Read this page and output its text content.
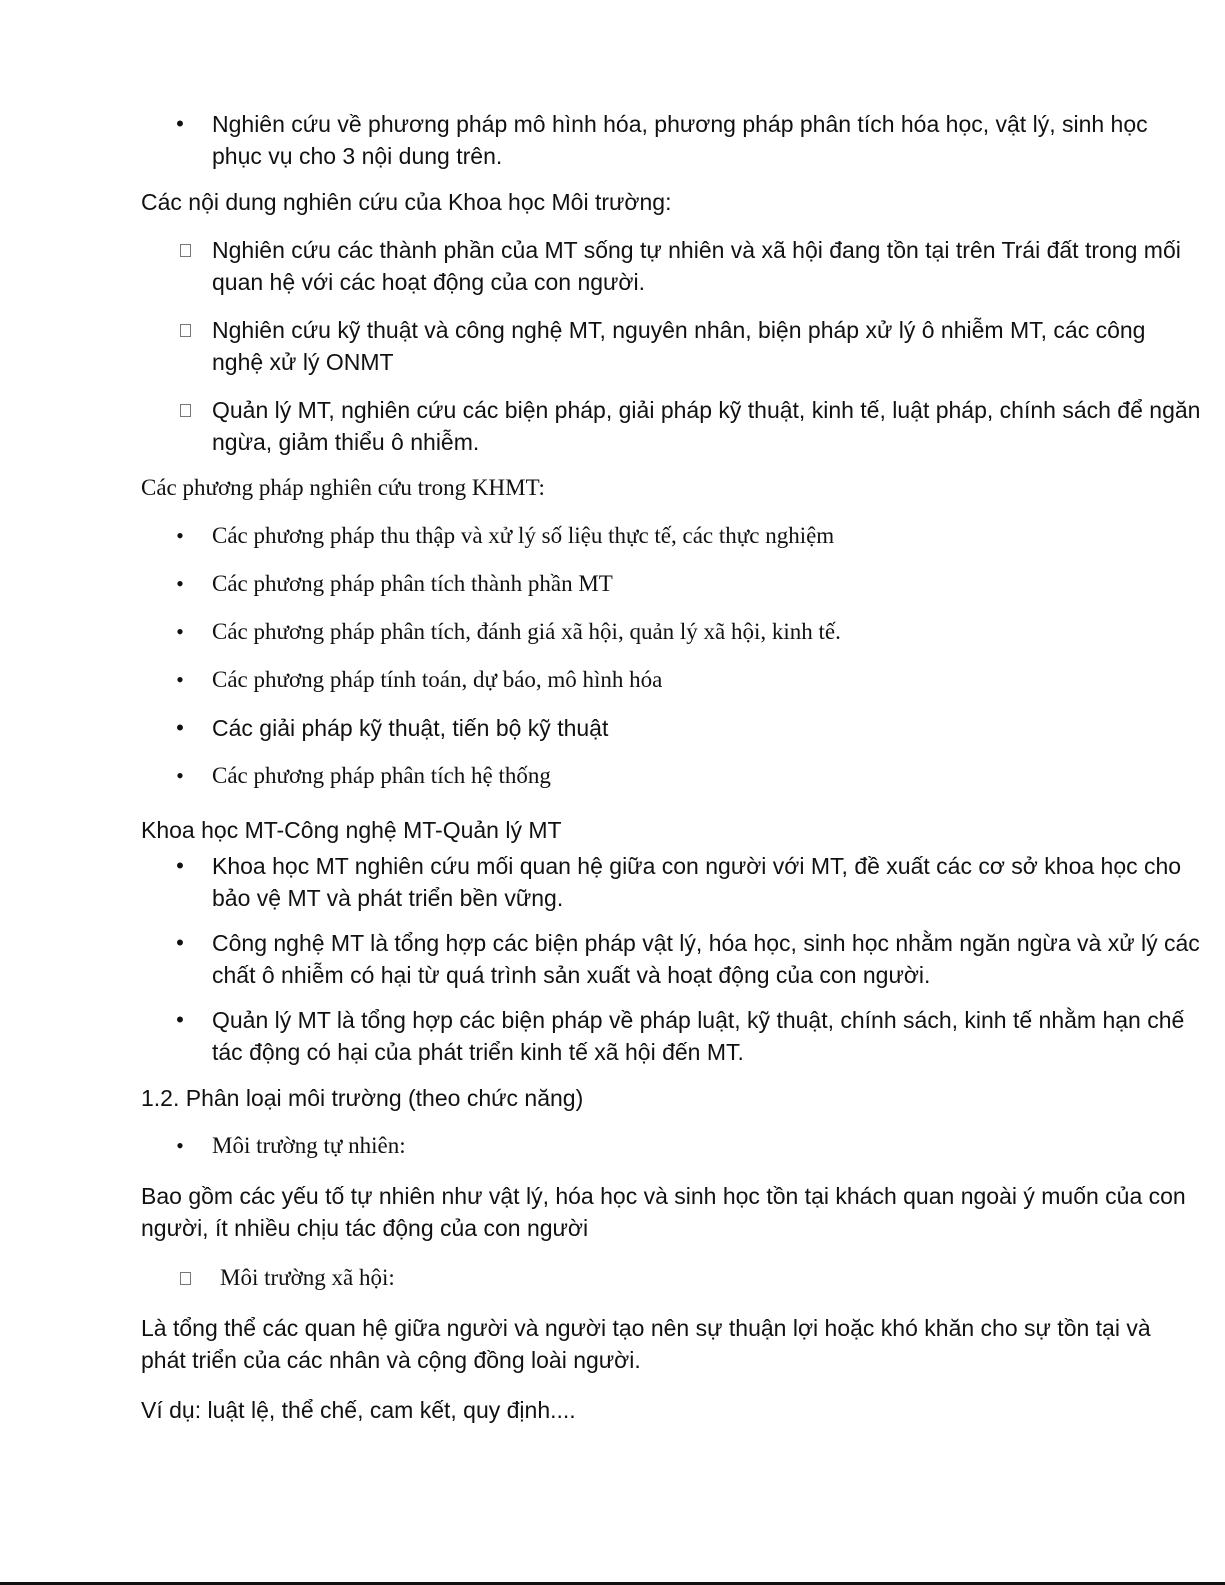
• Nghiên cứu về phương pháp mô hình hóa, phương pháp phân tích hóa học, vật lý, sinh học phục vụ cho 3 nội dung trên.

Các nội dung nghiên cứu của Khoa học Môi trường:

Nghiên cứu các thành phần của MT sống tự nhiên và xã hội đang tồn tại trên Trái đất trong mối quan hệ với các hoạt động của con người.
Nghiên cứu kỹ thuật và công nghệ MT, nguyên nhân, biện pháp xử lý ô nhiễm MT, các công nghệ xử lý ONMT
Quản lý MT, nghiên cứu các biện pháp, giải pháp kỹ thuật, kinh tế, luật pháp, chính sách để ngăn ngừa, giảm thiểu ô nhiễm.

Các phương pháp nghiên cứu trong KHMT:

• Các phương pháp thu thập và xử lý số liệu thực tế, các thực nghiệm
• Các phương pháp phân tích thành phần MT
• Các phương pháp phân tích, đánh giá xã hội, quản lý xã hội, kinh tế.
• Các phương pháp tính toán, dự báo, mô hình hóa
• Các giải pháp kỹ thuật, tiến bộ kỹ thuật
• Các phương pháp phân tích hệ thống

Khoa học MT-Công nghệ MT-Quản lý MT

• Khoa học MT nghiên cứu mối quan hệ giữa con người với MT, đề xuất các cơ sở khoa học cho bảo vệ MT và phát triển bền vững.
• Công nghệ MT là tổng hợp các biện pháp vật lý, hóa học, sinh học nhằm ngăn ngừa và xử lý các chất ô nhiễm có hại từ quá trình sản xuất và hoạt động của con người.
• Quản lý MT là tổng hợp các biện pháp về pháp luật, kỹ thuật, chính sách, kinh tế nhằm hạn chế tác động có hại của phát triển kinh tế xã hội đến MT.

1.2. Phân loại môi trường (theo chức năng)

• Môi trường tự nhiên:

Bao gồm các yếu tố tự nhiên như vật lý, hóa học và sinh học tồn tại khách quan ngoài ý muốn của con người, ít nhiều chịu tác động của con người

Môi trường xã hội:

Là tổng thể các quan hệ giữa người và người tạo nên sự thuận lợi hoặc khó khăn cho sự tồn tại và phát triển của các nhân và cộng đồng loài người.

Ví dụ: luật lệ, thể chế, cam kết, quy định....
